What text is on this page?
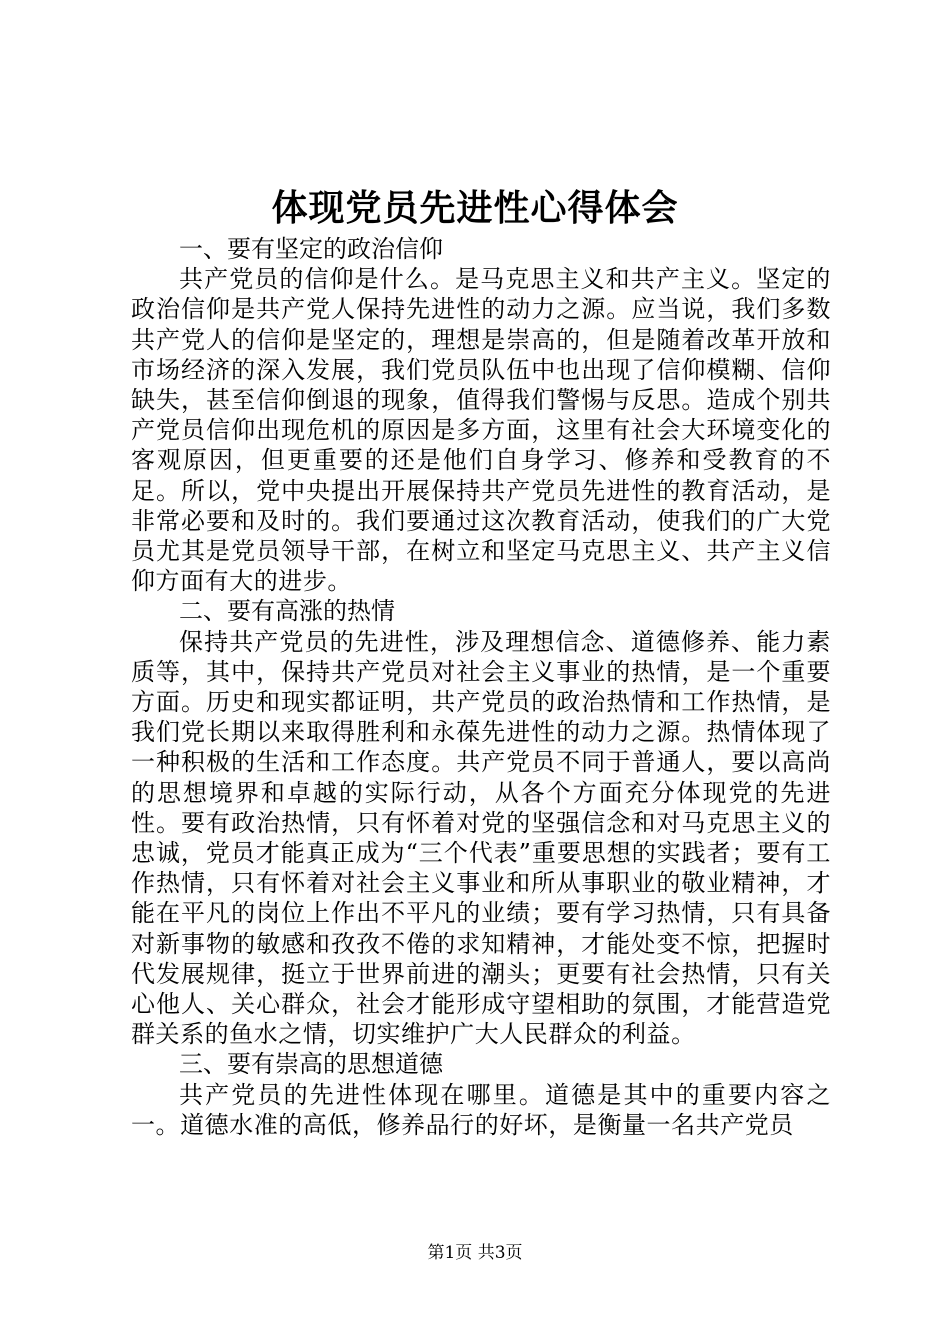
体现党员先进性心得体会

一、要有坚定的政治信仰

共产党员的信仰是什么。是马克思主义和共产主义。坚定的政治信仰是共产党人保持先进性的动力之源。应当说，我们多数共产党人的信仰是坚定的，理想是崇高的，但是随着改革开放和市场经济的深入发展，我们党员队伍中也出现了信仰模糊、信仰缺失，甚至信仰倒退的现象，值得我们警惕与反思。造成个别共产党员信仰出现危机的原因是多方面，这里有社会大环境变化的客观原因，但更重要的还是他们自身学习、修养和受教育的不足。所以，党中央提出开展保持共产党员先进性的教育活动，是非常必要和及时的。我们要通过这次教育活动，使我们的广大党员尤其是党员领导干部，在树立和坚定马克思主义、共产主义信仰方面有大的进步。

二、要有高涨的热情

保持共产党员的先进性，涉及理想信念、道德修养、能力素质等，其中，保持共产党员对社会主义事业的热情，是一个重要方面。历史和现实都证明，共产党员的政治热情和工作热情，是我们党长期以来取得胜利和永葆先进性的动力之源。热情体现了一种积极的生活和工作态度。共产党员不同于普通人，要以高尚的思想境界和卓越的实际行动，从各个方面充分体现党的先进性。要有政治热情，只有怀着对党的坚强信念和对马克思主义的忠诚，党员才能真正成为“三个代表”重要思想的实践者；要有工作热情，只有怀着对社会主义事业和所从事职业的敬业精神，才能在平凡的岗位上作出不平凡的业绩；要有学习热情，只有具备对新事物的敏感和孜孜不倦的求知精神，才能处变不惊，把握时代发展规律，挺立于世界前进的潮头；更要有社会热情，只有关心他人、关心群众，社会才能形成守望相助的氛围，才能营造党群关系的鱼水之情，切实维护广大人民群众的利益。

三、要有崇高的思想道德

共产党员的先进性体现在哪里。道德是其中的重要内容之一。道德水准的高低，修养品行的好坏，是衡量一名共产党员

第1页 共3页
